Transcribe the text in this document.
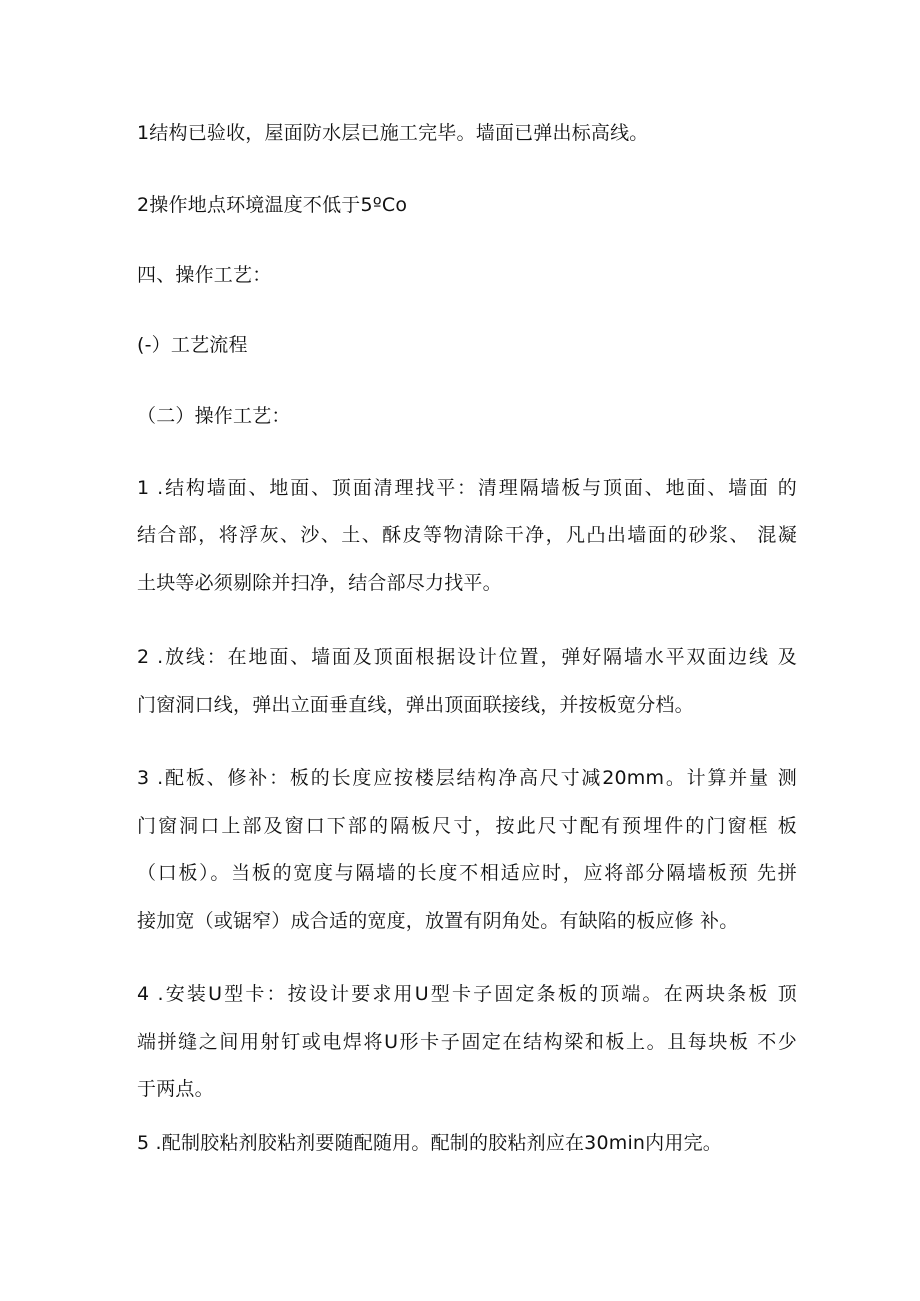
1结构已验收，屋面防水层已施工完毕。墙面已弹出标高线。
2操作地点环境温度不低于5ºCo
四、操作工艺：
(-）工艺流程
（二）操作工艺：
1 .结构墙面、地面、顶面清理找平：清理隔墙板与顶面、地面、墙面 的
结合部，将浮灰、沙、土、酥皮等物清除干净，凡凸出墙面的砂浆、 混凝
土块等必须剔除并扫净，结合部尽力找平。
2 .放线：在地面、墙面及顶面根据设计位置，弹好隔墙水平双面边线 及
门窗洞口线，弹出立面垂直线，弹出顶面联接线，并按板宽分档。
3 .配板、修补：板的长度应按楼层结构净高尺寸减20mm。计算并量 测
门窗洞口上部及窗口下部的隔板尺寸，按此尺寸配有预埋件的门窗框 板
（口板）。当板的宽度与隔墙的长度不相适应时，应将部分隔墙板预 先拼
接加宽（或锯窄）成合适的宽度，放置有阴角处。有缺陷的板应修 补。
4 .安装U型卡：按设计要求用U型卡子固定条板的顶端。在两块条板 顶
端拼缝之间用射钉或电焊将U形卡子固定在结构梁和板上。且每块板 不少
于两点。
5 .配制胶粘剂胶粘剂要随配随用。配制的胶粘剂应在30min内用完。
